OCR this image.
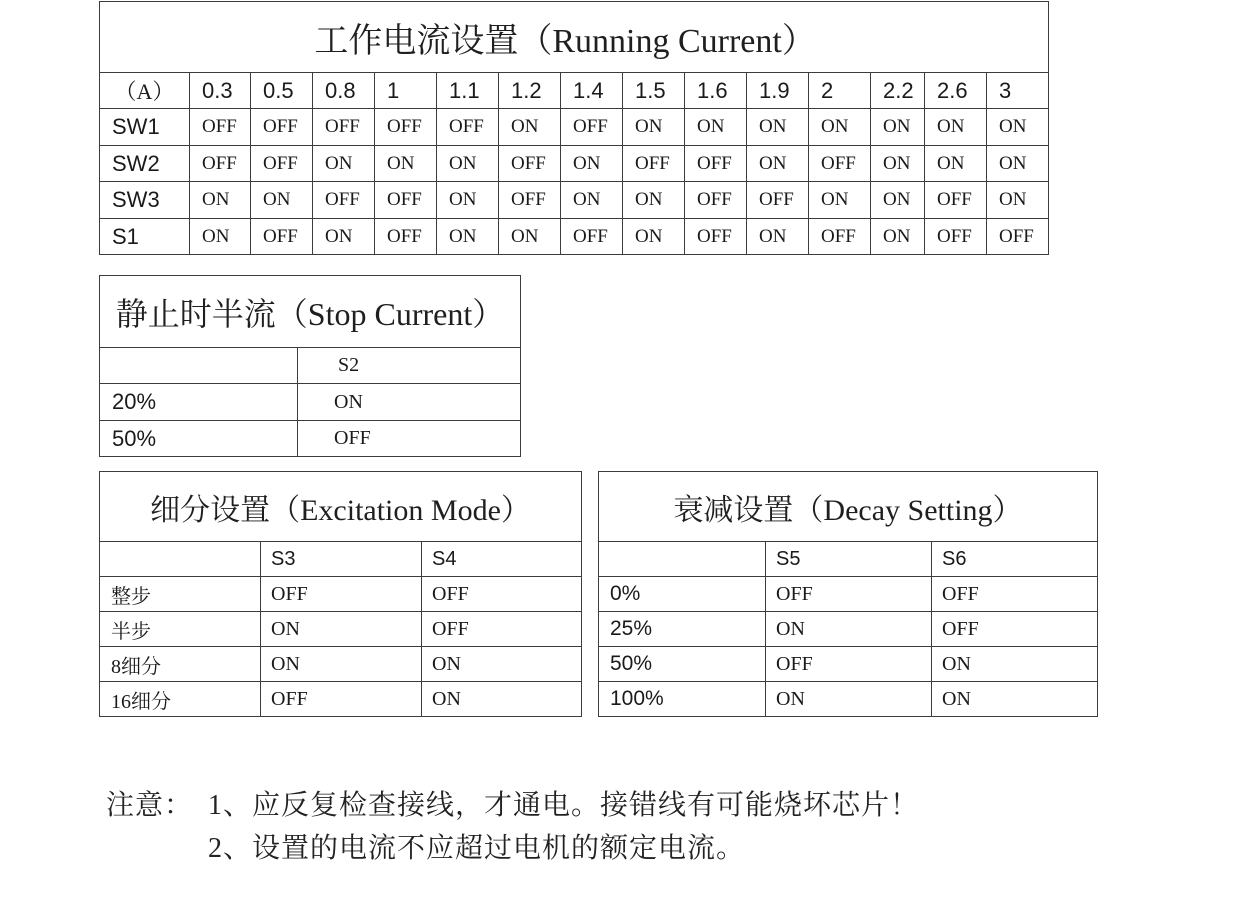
工作电流设置（Running Current）														
（A）	0.3	0.5	0.8	1	1.1	1.2	1.4	1.5	1.6	1.9	2	2.2	2.6	3
SW1	OFF	OFF	OFF	OFF	OFF	ON	OFF	ON	ON	ON	ON	ON	ON	ON
SW2	OFF	OFF	ON	ON	ON	OFF	ON	OFF	OFF	ON	OFF	ON	ON	ON
SW3	ON	ON	OFF	OFF	ON	OFF	ON	ON	OFF	OFF	ON	ON	OFF	ON
S1	ON	OFF	ON	OFF	ON	ON	OFF	ON	OFF	ON	OFF	ON	OFF	OFF
静止时半流（Stop Current）	
	S2
20%	ON
50%	OFF
细分设置（Excitation Mode）		
	S3	S4
整步	OFF	OFF
半步	ON	OFF
8细分	ON	ON
16细分	OFF	ON
衰减设置（Decay Setting）		
	S5	S6
0%	OFF	OFF
25%	ON	OFF
50%	OFF	ON
100%	ON	ON
注意： 1、应反复检查接线，才通电。接错线有可能烧坏芯片！
2、设置的电流不应超过电机的额定电流。
